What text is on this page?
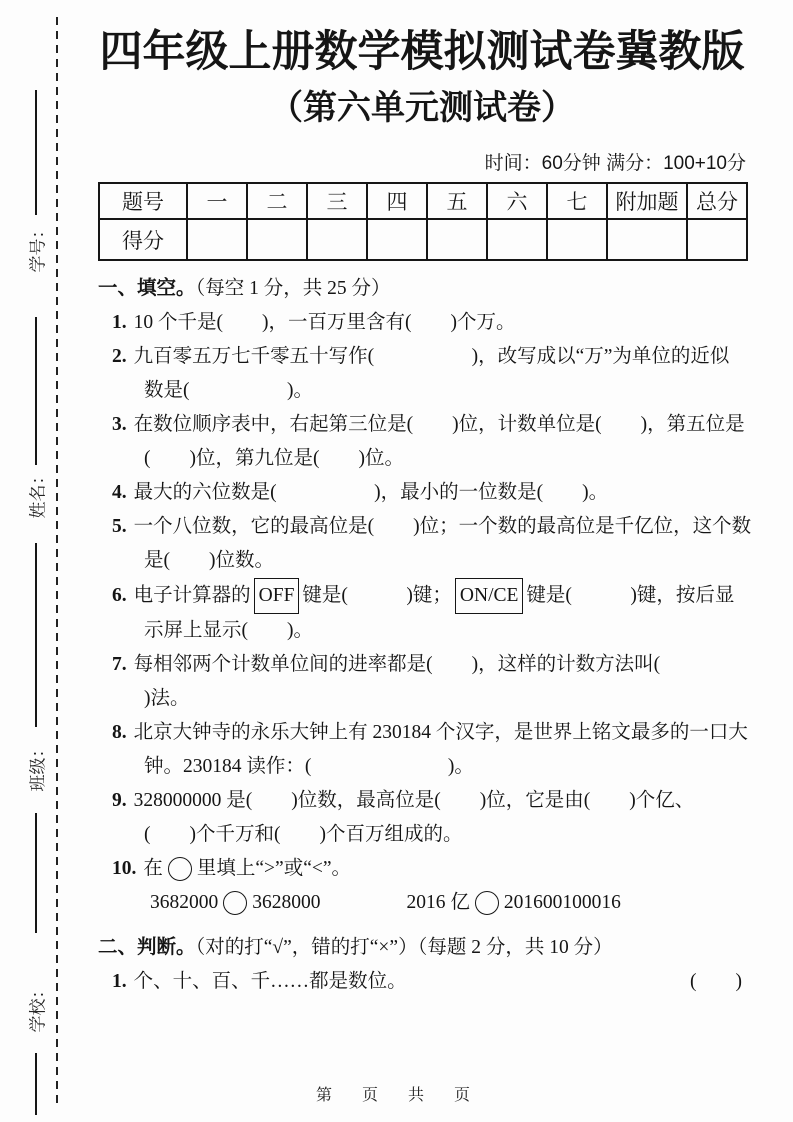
学号：
姓名：
班级：
学校：
四年级上册数学模拟测试卷冀教版
（第六单元测试卷）
时间：60分钟 满分：100+10分
题号	一	二	三	四	五	六	七	附加题	总分
得分									
一、填空。（每空 1 分，共 25 分）
1. 10 个千是(　　)，一百万里含有(　　)个万。
2. 九百零五万七千零五十写作(　　　　　)，改写成以“万”为单位的近似
数是(　　　　　)。
3. 在数位顺序表中，右起第三位是(　　)位，计数单位是(　　)，第五位是
(　　)位，第九位是(　　)位。
4. 最大的六位数是(　　　　　)，最小的一位数是(　　)。
5. 一个八位数，它的最高位是(　　)位；一个数的最高位是千亿位，这个数
是(　　)位数。
6. 电子计算器的 OFF 键是(　　　)键； ON/CE 键是(　　　)键，按后显
示屏上显示(　　)。
7. 每相邻两个计数单位间的进率都是(　　)，这样的计数方法叫(
)法。
8. 北京大钟寺的永乐大钟上有 230184 个汉字，是世界上铭文最多的一口大
钟。230184 读作：(　　　　　　　)。
9. 328000000 是(　　)位数，最高位是(　　)位，它是由(　　)个亿、
(　　)个千万和(　　)个百万组成的。
10. 在 里填上“>”或“<”。
3682000 3628000	2016 亿 201600100016
二、判断。（对的打“√”，错的打“×”）（每题 2 分，共 10 分）
1. 个、十、百、千……都是数位。	(　　)
第　页　共　页
